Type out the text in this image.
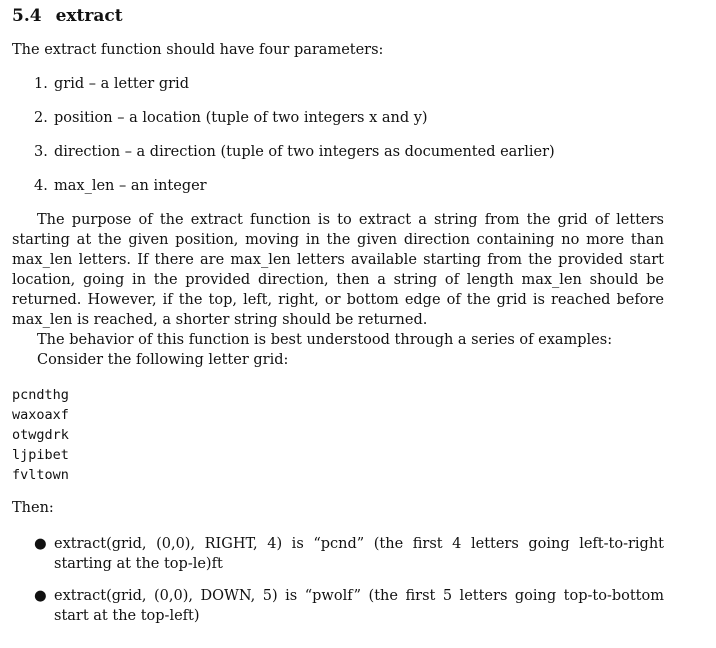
5.4 extract
The extract function should have four parameters:
1. grid – a letter grid
2. position – a location (tuple of two integers x and y)
3. direction – a direction (tuple of two integers as documented earlier)
4. max_len – an integer
The purpose of the extract function is to extract a string from the grid of letters starting at the given position, moving in the given direction containing no more than max_len letters. If there are max_len letters available starting from the provided start location, going in the provided direction, then a string of length max_len should be returned. However, if the top, left, right, or bottom edge of the grid is reached before max_len is reached, a shorter string should be returned.
The behavior of this function is best understood through a series of examples:
Consider the following letter grid:
pcndthg
waxoaxf
otwgdrk
ljpibet
fvltown
Then:
● extract(grid, (0,0), RIGHT, 4) is “pcnd” (the first 4 letters going left-to-right starting at the top-le)ft
● extract(grid, (0,0), DOWN, 5) is “pwolf” (the first 5 letters going top-to-bottom start at the top-left)
